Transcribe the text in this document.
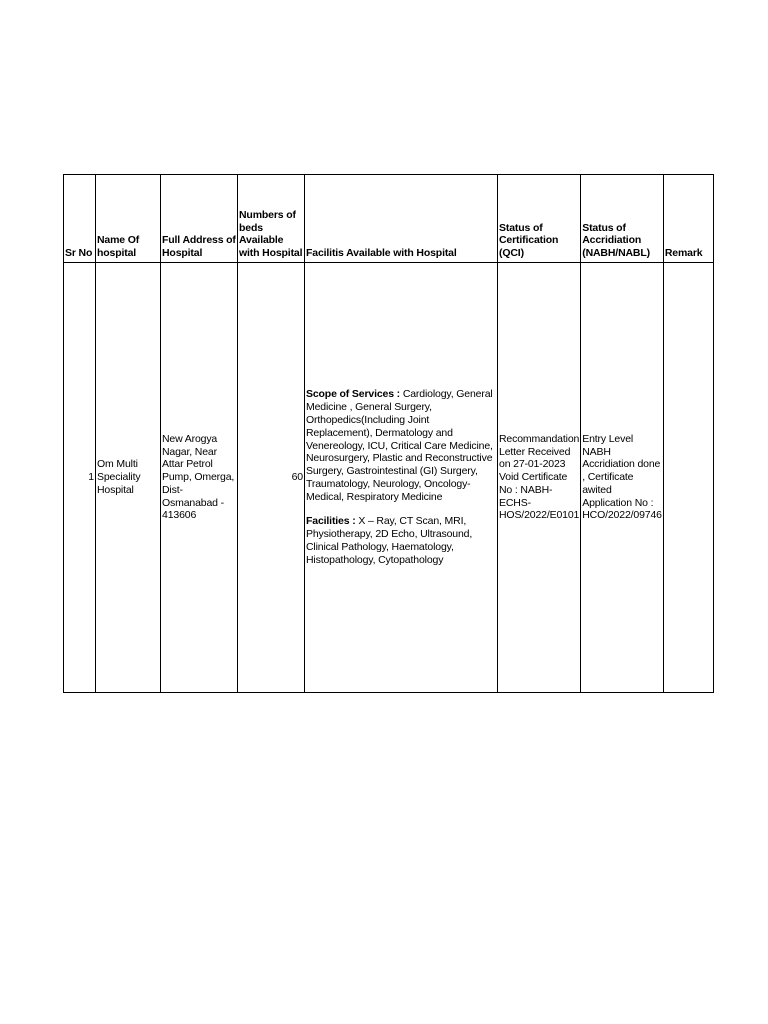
Sr No	Name Of hospital	Full Address of Hospital	Numbers of beds Available with Hospital	Facilitis Available with Hospital	Status of Certification (QCI)	Status of Accridiation (NABH/NABL)	Remark
1	Om Multi Speciality Hospital	New Arogya Nagar, Near Attar Petrol Pump, Omerga, Dist- Osmanabad - 413606	60	Scope of Services : Cardiology, General Medicine , General Surgery, Orthopedics(Including Joint Replacement), Dermatology and Venereology, ICU, Critical Care Medicine, Neurosurgery, Plastic and Reconstructive Surgery, Gastrointestinal (GI) Surgery, Traumatology, Neurology, Oncology-Medical, Respiratory Medicine
Facilities : X – Ray, CT Scan, MRI, Physiotherapy, 2D Echo, Ultrasound, Clinical Pathology, Haematology, Histopathology, Cytopathology	Recommandation Letter Received on 27-01-2023 Void Certificate No : NABH-ECHS-HOS/2022/E0101	Entry Level NABH Accridiation done , Certificate awited Application No : HCO/2022/09746	
